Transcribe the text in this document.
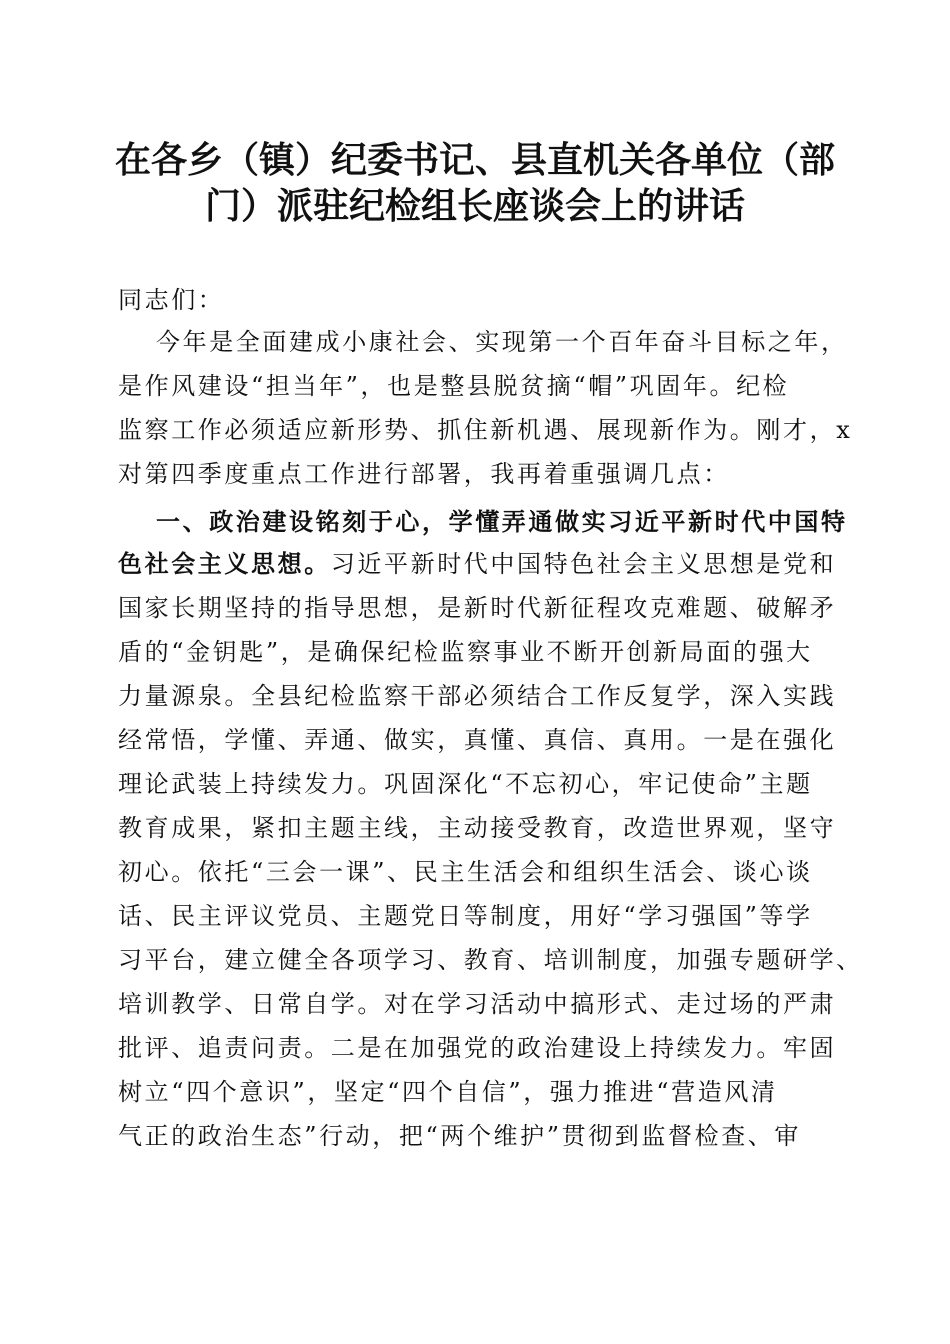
在各乡（镇）纪委书记、县直机关各单位（部
门）派驻纪检组长座谈会上的讲话
同志们：
今年是全面建成小康社会、实现第一个百年奋斗目标之年，
是作风建设“担当年”，也是整县脱贫摘“帽”巩固年。纪检
监察工作必须适应新形势、抓住新机遇、展现新作为。刚才，x
对第四季度重点工作进行部署，我再着重强调几点：
一、政治建设铭刻于心，学懂弄通做实习近平新时代中国特
色社会主义思想。习近平新时代中国特色社会主义思想是党和
国家长期坚持的指导思想，是新时代新征程攻克难题、破解矛
盾的“金钥匙”，是确保纪检监察事业不断开创新局面的强大
力量源泉。全县纪检监察干部必须结合工作反复学，深入实践
经常悟，学懂、弄通、做实，真懂、真信、真用。一是在强化
理论武装上持续发力。巩固深化“不忘初心，牢记使命”主题
教育成果，紧扣主题主线，主动接受教育，改造世界观，坚守
初心。依托“三会一课”、民主生活会和组织生活会、谈心谈
话、民主评议党员、主题党日等制度，用好“学习强国”等学
习平台，建立健全各项学习、教育、培训制度，加强专题研学、
培训教学、日常自学。对在学习活动中搞形式、走过场的严肃
批评、追责问责。二是在加强党的政治建设上持续发力。牢固
树立“四个意识”，坚定“四个自信”，强力推进“营造风清
气正的政治生态”行动，把“两个维护”贯彻到监督检查、审
